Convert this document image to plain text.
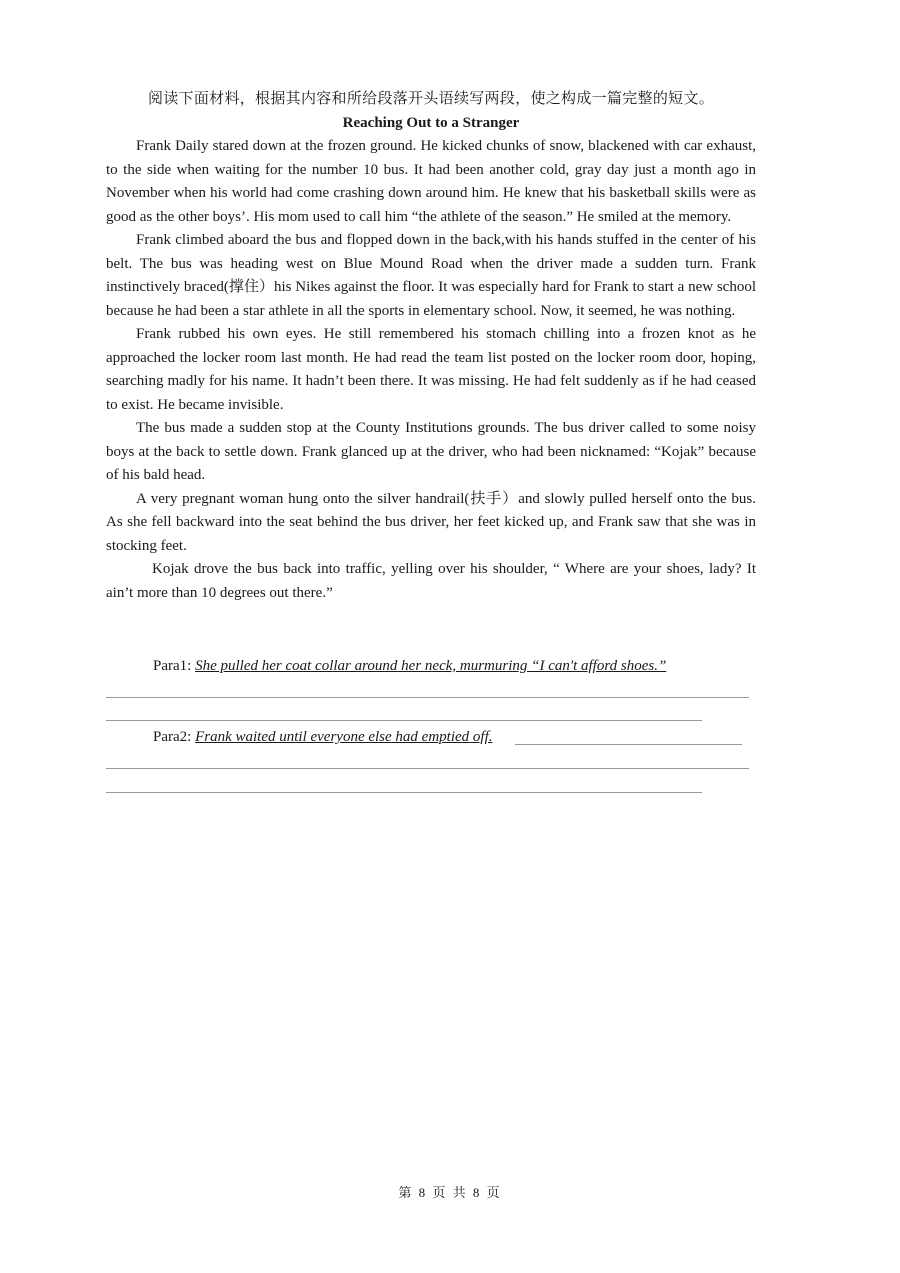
阅读下面材料，根据其内容和所给段落开头语续写两段，使之构成一篇完整的短文。

Reaching Out to a Stranger

Frank Daily stared down at the frozen ground. He kicked chunks of snow, blackened with car exhaust, to the side when waiting for the number 10 bus. It had been another cold, gray day just a month ago in November when his world had come crashing down around him. He knew that his basketball skills were as good as the other boys’. His mom used to call him “the athlete of the season.” He smiled at the memory.

Frank climbed aboard the bus and flopped down in the back,with his hands stuffed in the center of his belt. The bus was heading west on Blue Mound Road when the driver made a sudden turn. Frank instinctively braced(撑住）his Nikes against the floor. It was especially hard for Frank to start a new school because he had been a star athlete in all the sports in elementary school. Now, it seemed, he was nothing.

Frank rubbed his own eyes. He still remembered his stomach chilling into a frozen knot as he approached the locker room last month. He had read the team list posted on the locker room door, hoping, searching madly for his name. It hadn’t been there. It was missing. He had felt suddenly as if he had ceased to exist. He became invisible.

The bus made a sudden stop at the County Institutions grounds. The bus driver called to some noisy boys at the back to settle down. Frank glanced up at the driver, who had been nicknamed: “Kojak” because of his bald head.

A very pregnant woman hung onto the silver handrail(扶手）and slowly pulled herself onto the bus. As she fell backward into the seat behind the bus driver, her feet kicked up, and Frank saw that she was in stocking feet.

Kojak drove the bus back into traffic, yelling over his shoulder, “ Where are your shoes, lady? It ain’t more than 10 degrees out there.”

Para1: She pulled her coat collar around her neck, murmuring “I can't afford shoes.”
Para2: Frank waited until everyone else had emptied off.
第 8 页 共 8 页
